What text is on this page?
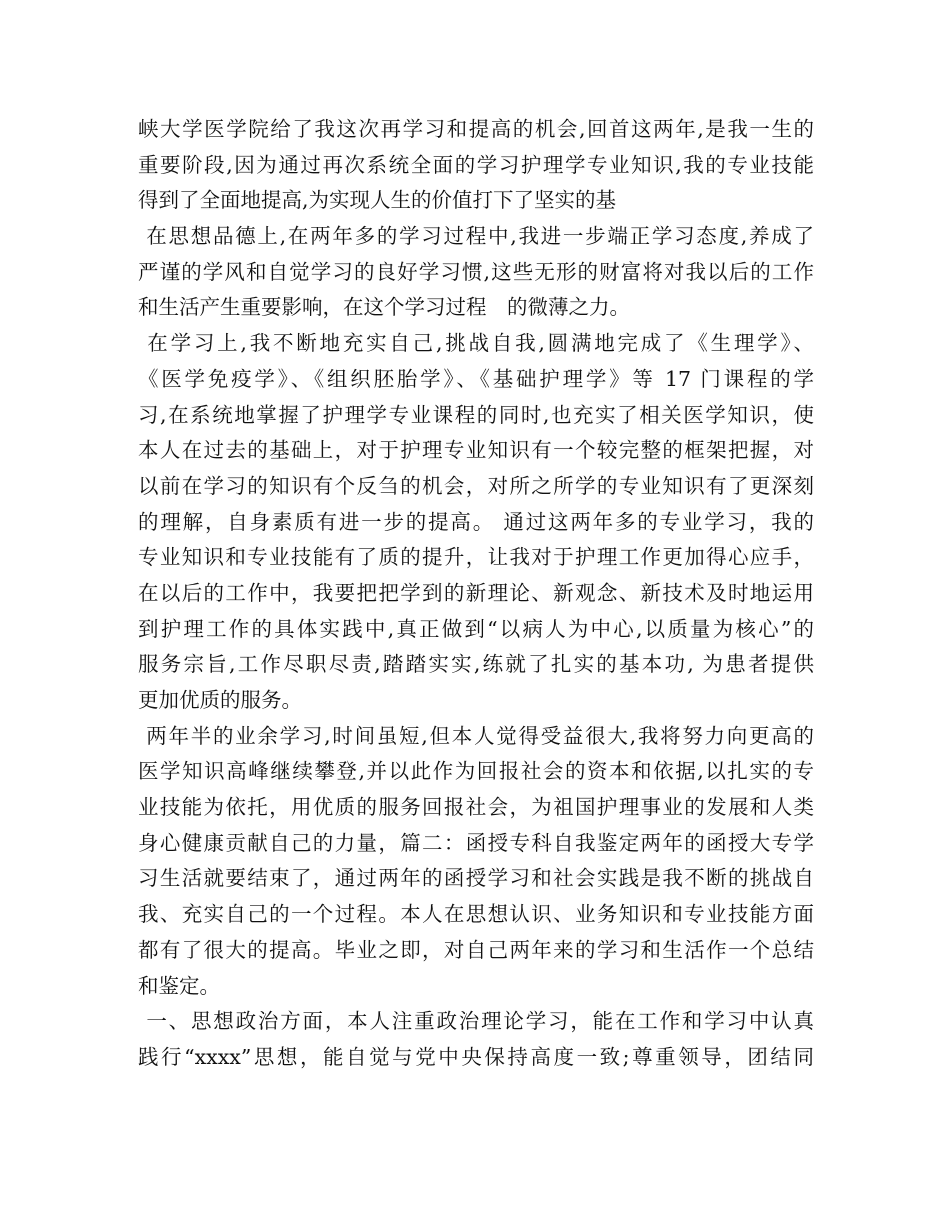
峡大学医学院给了我这次再学习和提高的机会,回首这两年,是我一生的
重要阶段,因为通过再次系统全面的学习护理学专业知识,我的专业技能
得到了全面地提高,为实现人生的价值打下了坚实的基
在思想品德上,在两年多的学习过程中,我进一步端正学习态度,养成了
严谨的学风和自觉学习的良好学习惯,这些无形的财富将对我以后的工作
和生活产生重要影响，在这个学习过程　的微薄之力。
在学习上,我不断地充实自己,挑战自我,圆满地完成了《生理学》、
《医学免疫学》、《组织胚胎学》、《基础护理学》等 17 门课程的学
习,在系统地掌握了护理学专业课程的同时,也充实了相关医学知识，使
本人在过去的基础上，对于护理专业知识有一个较完整的框架把握，对
以前在学习的知识有个反刍的机会，对所之所学的专业知识有了更深刻
的理解，自身素质有进一步的提高。 通过这两年多的专业学习，我的
专业知识和专业技能有了质的提升，让我对于护理工作更加得心应手，
在以后的工作中，我要把把学到的新理论、新观念、新技术及时地运用
到护理工作的具体实践中,真正做到“以病人为中心,以质量为核心”的
服务宗旨,工作尽职尽责,踏踏实实,练就了扎实的基本功, 为患者提供
更加优质的服务。
两年半的业余学习,时间虽短,但本人觉得受益很大,我将努力向更高的
医学知识高峰继续攀登,并以此作为回报社会的资本和依据,以扎实的专
业技能为依托，用优质的服务回报社会，为祖国护理事业的发展和人类
身心健康贡献自己的力量，篇二：函授专科自我鉴定两年的函授大专学
习生活就要结束了，通过两年的函授学习和社会实践是我不断的挑战自
我、充实自己的一个过程。本人在思想认识、业务知识和专业技能方面
都有了很大的提高。毕业之即，对自己两年来的学习和生活作一个总结
和鉴定。
一、思想政治方面，本人注重政治理论学习，能在工作和学习中认真
践行“xxxx”思想，能自觉与党中央保持高度一致;尊重领导，团结同
